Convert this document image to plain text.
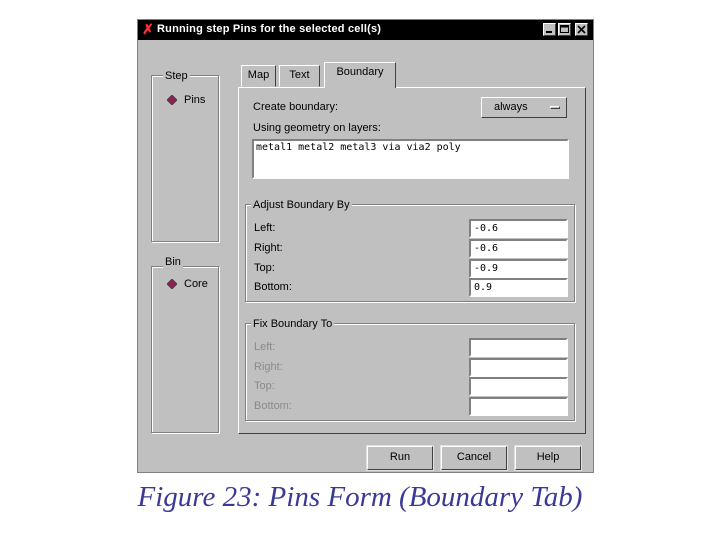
✗ Running step Pins for the selected cell(s)
Step
Pins
Bin
Core
Map	Text	Boundary
Create boundary:	always
Using geometry on layers:
metal1 metal2 metal3 via via2 poly
Adjust Boundary By
Left:	-0.6
Right:	-0.6
Top:	-0.9
Bottom:	0.9
Fix Boundary To
Left:
Right:
Top:
Bottom:
Run	Cancel	Help
Figure 23: Pins Form (Boundary Tab)
